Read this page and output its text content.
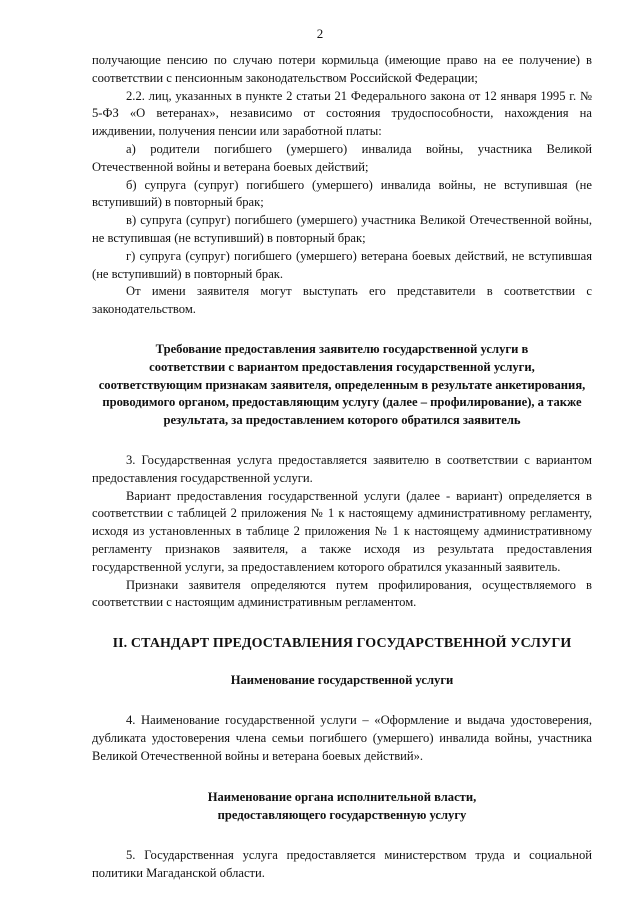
2

получающие пенсию по случаю потери кормильца (имеющие право на ее получение) в соответствии с пенсионным законодательством Российской Федерации;

2.2. лиц, указанных в пункте 2 статьи 21 Федерального закона от 12 января 1995 г. № 5-ФЗ «О ветеранах», независимо от состояния трудоспособности, нахождения на иждивении, получения пенсии или заработной платы:

а) родители погибшего (умершего) инвалида войны, участника Великой Отечественной войны и ветерана боевых действий;

б) супруга (супруг) погибшего (умершего) инвалида войны, не вступившая (не вступивший) в повторный брак;

в) супруга (супруг) погибшего (умершего) участника Великой Отечественной войны, не вступившая (не вступивший) в повторный брак;

г) супруга (супруг) погибшего (умершего) ветерана боевых действий, не вступившая (не вступивший) в повторный брак.

От имени заявителя могут выступать его представители в соответствии с законодательством.

Требование предоставления заявителю государственной услуги в
соответствии с вариантом предоставления государственной услуги,
соответствующим признакам заявителя, определенным в результате анкетирования,
проводимого органом, предоставляющим услугу (далее – профилирование), а также
результата, за предоставлением которого обратился заявитель

3. Государственная услуга предоставляется заявителю в соответствии с вариантом предоставления государственной услуги.

Вариант предоставления государственной услуги (далее - вариант) определяется в соответствии с таблицей 2 приложения № 1 к настоящему административному регламенту, исходя из установленных в таблице 2 приложения № 1 к настоящему административному регламенту признаков заявителя, а также исходя из результата предоставления государственной услуги, за предоставлением которого обратился указанный заявитель.

Признаки заявителя определяются путем профилирования, осуществляемого в соответствии с настоящим административным регламентом.

II. СТАНДАРТ ПРЕДОСТАВЛЕНИЯ ГОСУДАРСТВЕННОЙ УСЛУГИ
Наименование государственной услуги

4. Наименование государственной услуги – «Оформление и выдача удостоверения, дубликата удостоверения члена семьи погибшего (умершего) инвалида войны, участника Великой Отечественной войны и ветерана боевых действий».

Наименование органа исполнительной власти,
предоставляющего государственную услугу

5. Государственная услуга предоставляется министерством труда и социальной политики Магаданской области.
